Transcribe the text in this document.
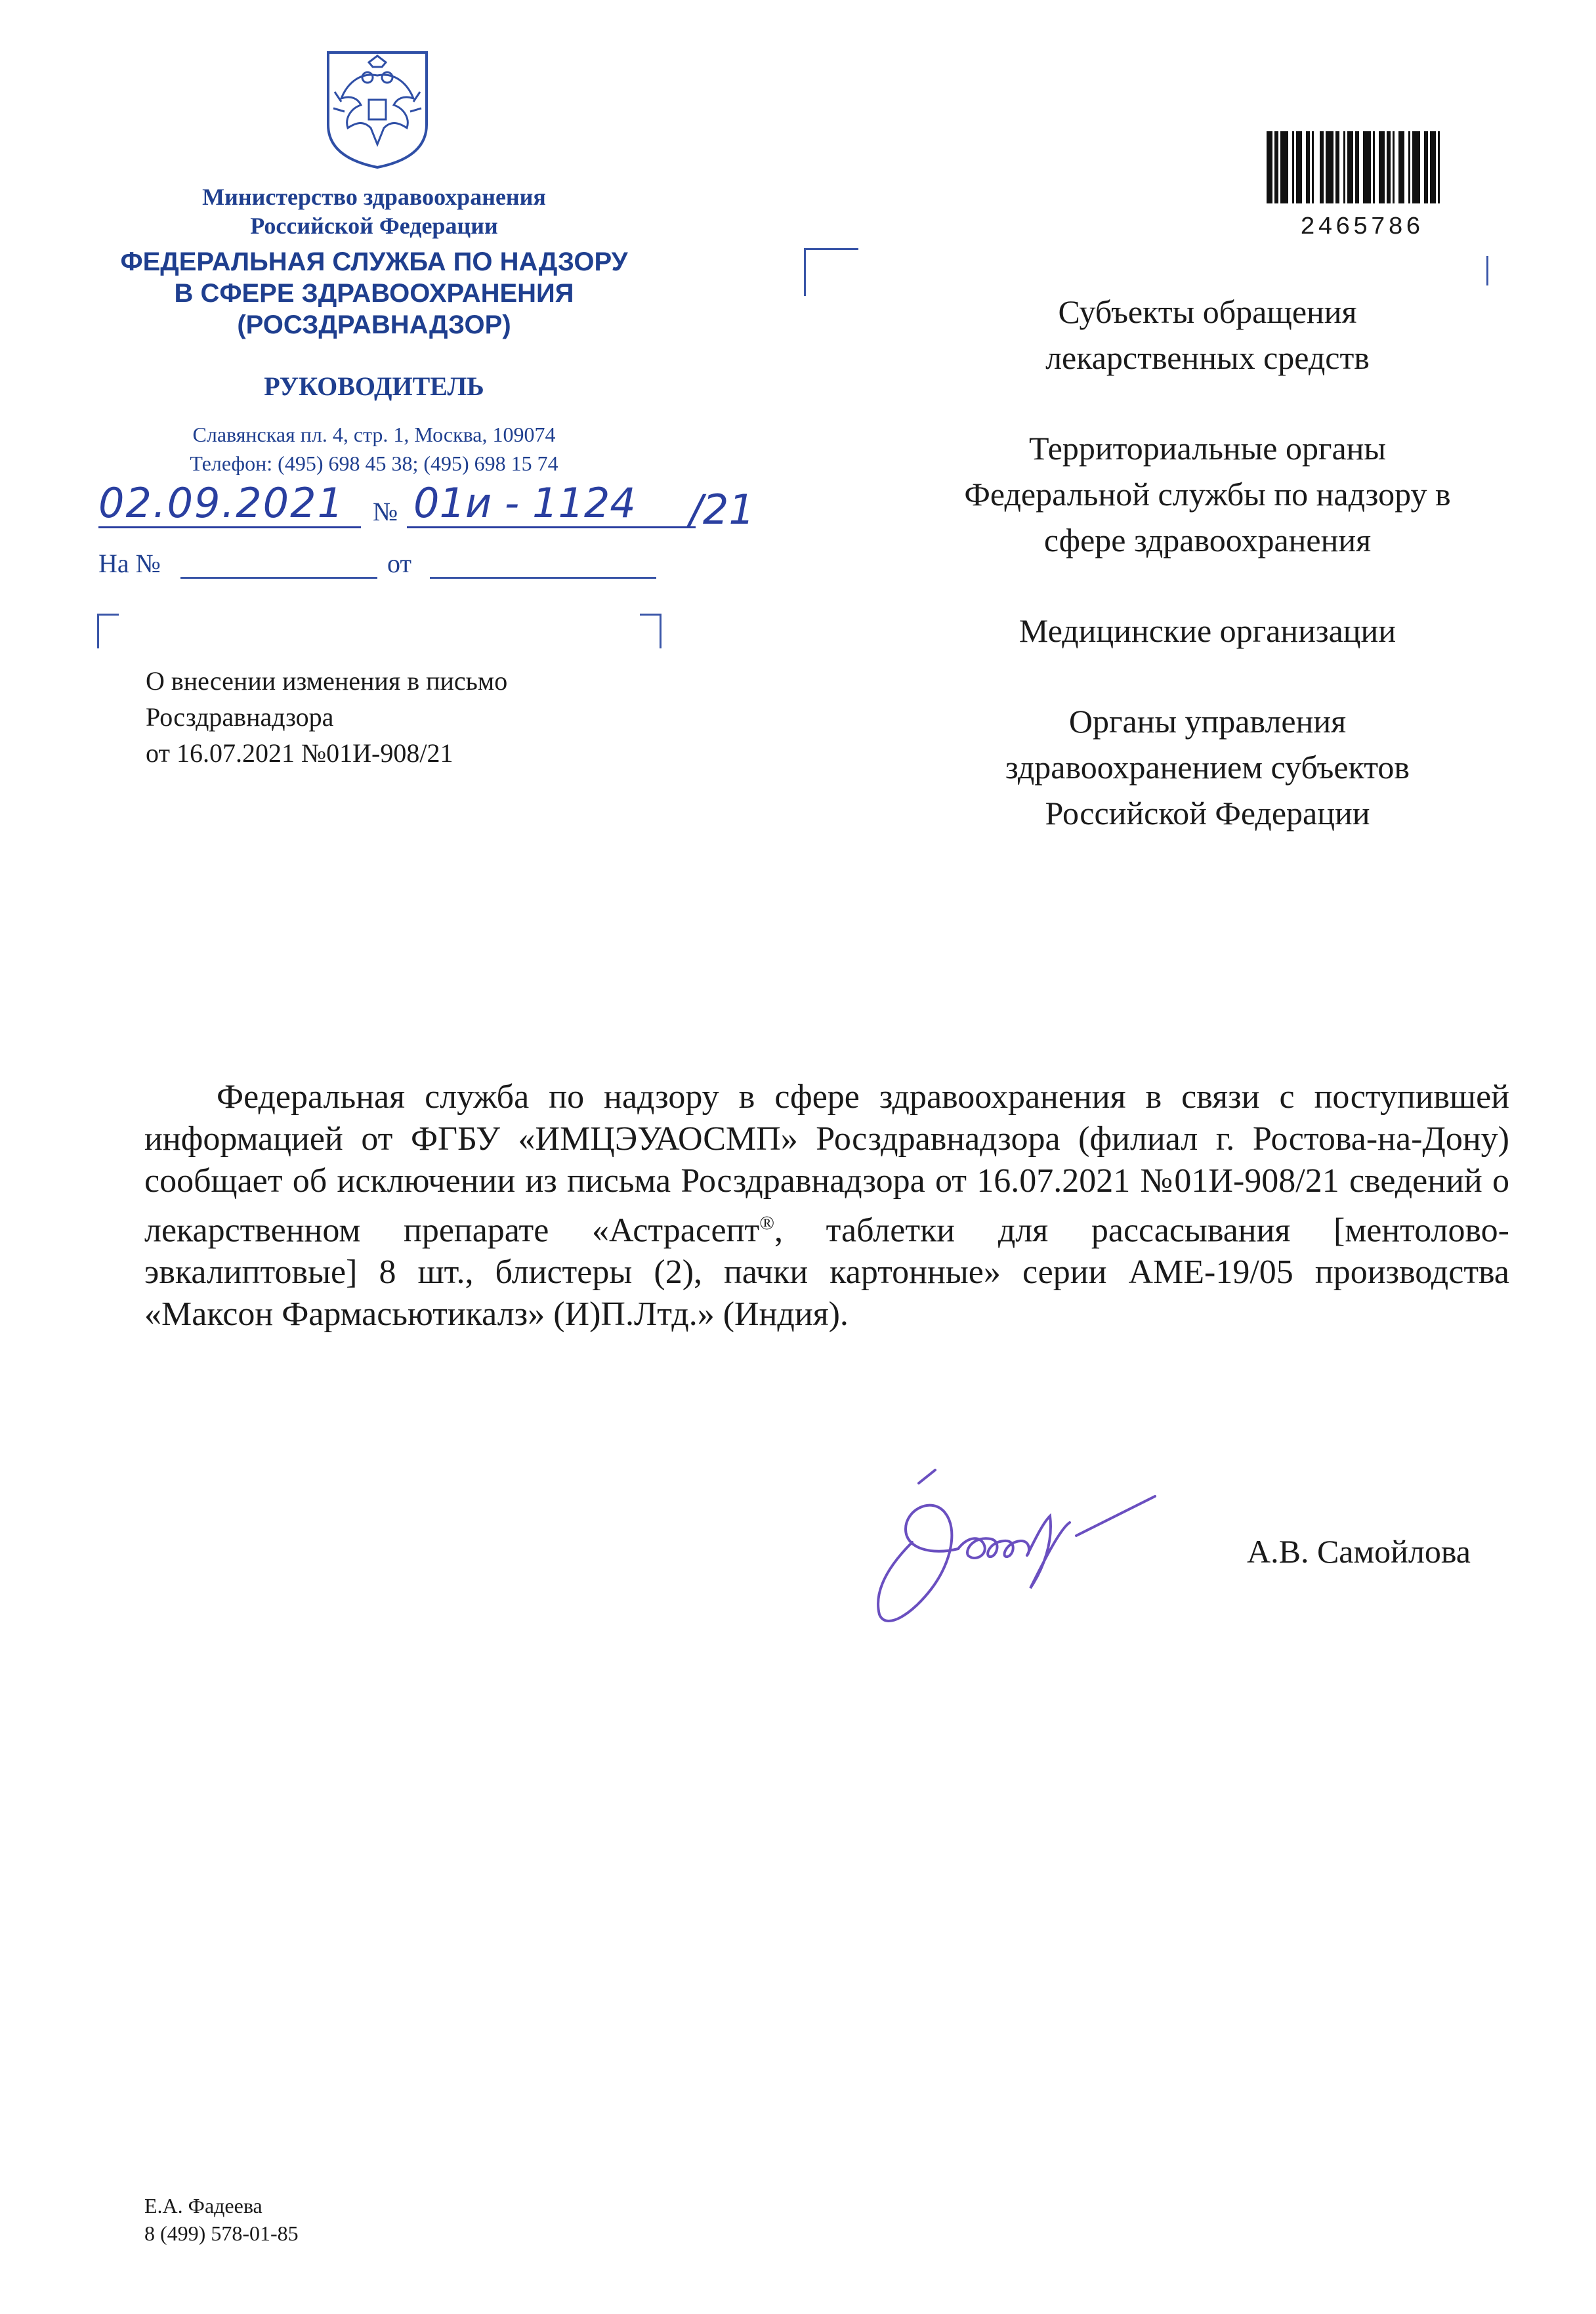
Министерство здравоохранения
Российской Федерации
ФЕДЕРАЛЬНАЯ СЛУЖБА ПО НАДЗОРУ
В СФЕРЕ ЗДРАВООХРАНЕНИЯ
(РОСЗДРАВНАДЗОР)
РУКОВОДИТЕЛЬ
Славянская пл. 4, стр. 1, Москва, 109074
Телефон: (495) 698 45 38; (495) 698 15 74
02.09.2021 № 01и - 1124 /21
На №	от
2465786
Субъекты обращения
лекарственных средств
Территориальные органы
Федеральной службы по надзору в
сфере здравоохранения
Медицинские организации
Органы управления
здравоохранением субъектов
Российской Федерации
О внесении изменения в письмо
Росздравнадзора
от 16.07.2021 №01И-908/21
Федеральная служба по надзору в сфере здравоохранения в связи с поступившей информацией от ФГБУ «ИМЦЭУАОСМП» Росздравнадзора (филиал г. Ростова-на-Дону) сообщает об исключении из письма Росздравнадзора от 16.07.2021 №01И-908/21 сведений о лекарственном препарате «Астрасепт®, таблетки для рассасывания [ментолово-эвкалиптовые] 8 шт., блистеры (2), пачки картонные» серии АМЕ-19/05 производства «Максон Фармасьютикалз» (И)П.Лтд.» (Индия).
А.В. Самойлова
Е.А. Фадеева
8 (499) 578-01-85
